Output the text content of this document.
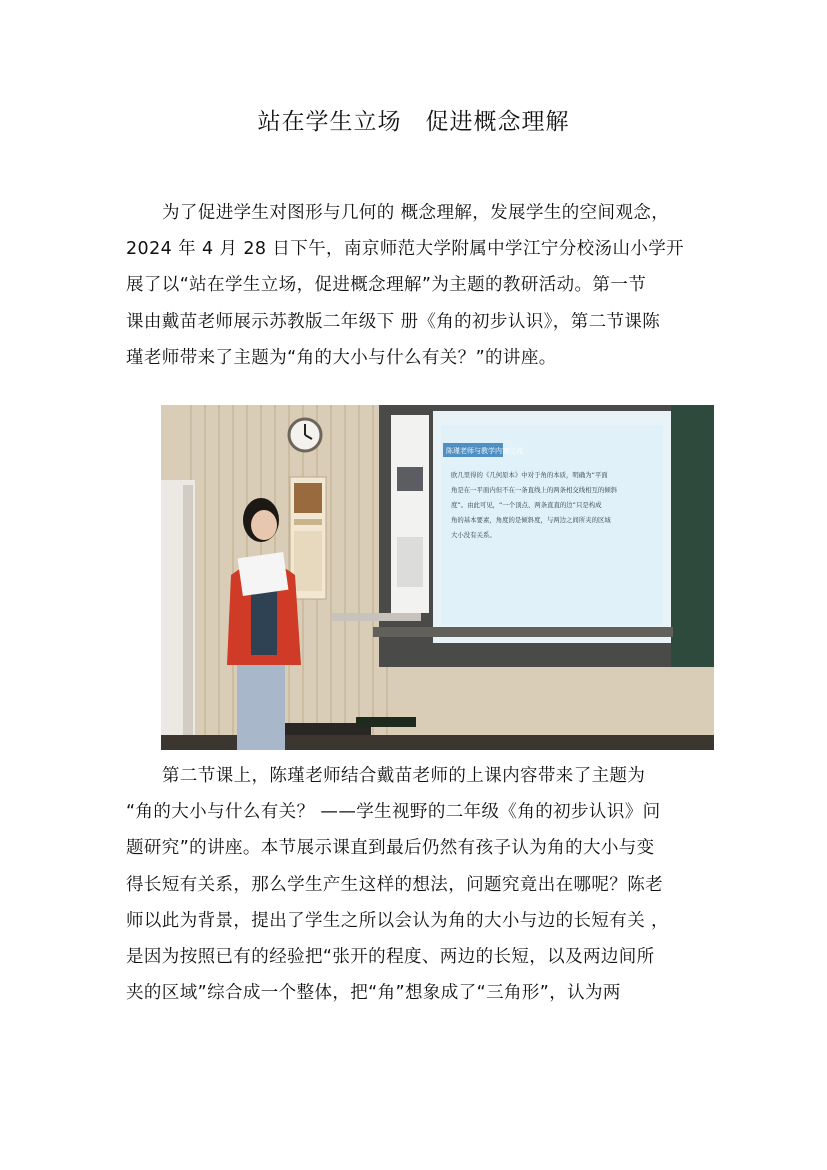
站在学生立场　促进概念理解
为了促进学生对图形与几何的 概念理解，发展学生的空间观念，
2024 年 4 月 28 日下午，南京师范大学附属中学江宁分校汤山小学开
展了以“站在学生立场，促进概念理解”为主题的教研活动。第一节
课由戴苗老师展示苏教版二年级下 册《角的初步认识》，第二节课陈
瑾老师带来了主题为“角的大小与什么有关？”的讲座。
陈瑾老师与教学内容交流
欧几里得的《几何原本》中对于角的本质，明确为“平面
角是在一平面内但不在一条直线上的两条相交线相互的倾斜
度”。由此可见，“一个顶点、两条直直的边”只是构成
角的基本要素，角度的是倾斜度，与两边之间所夹的区域
大小没有关系。
第二节课上，陈瑾老师结合戴苗老师的上课内容带来了主题为
“角的大小与什么有关？ ——学生视野的二年级《角的初步认识》问
题研究”的讲座。本节展示课直到最后仍然有孩子认为角的大小与变
得长短有关系，那么学生产生这样的想法，问题究竟出在哪呢？陈老
师以此为背景，提出了学生之所以会认为角的大小与边的长短有关 ，
是因为按照已有的经验把“张开的程度、两边的长短，以及两边间所
夹的区域”综合成一个整体，把“角”想象成了“三角形”，认为两
